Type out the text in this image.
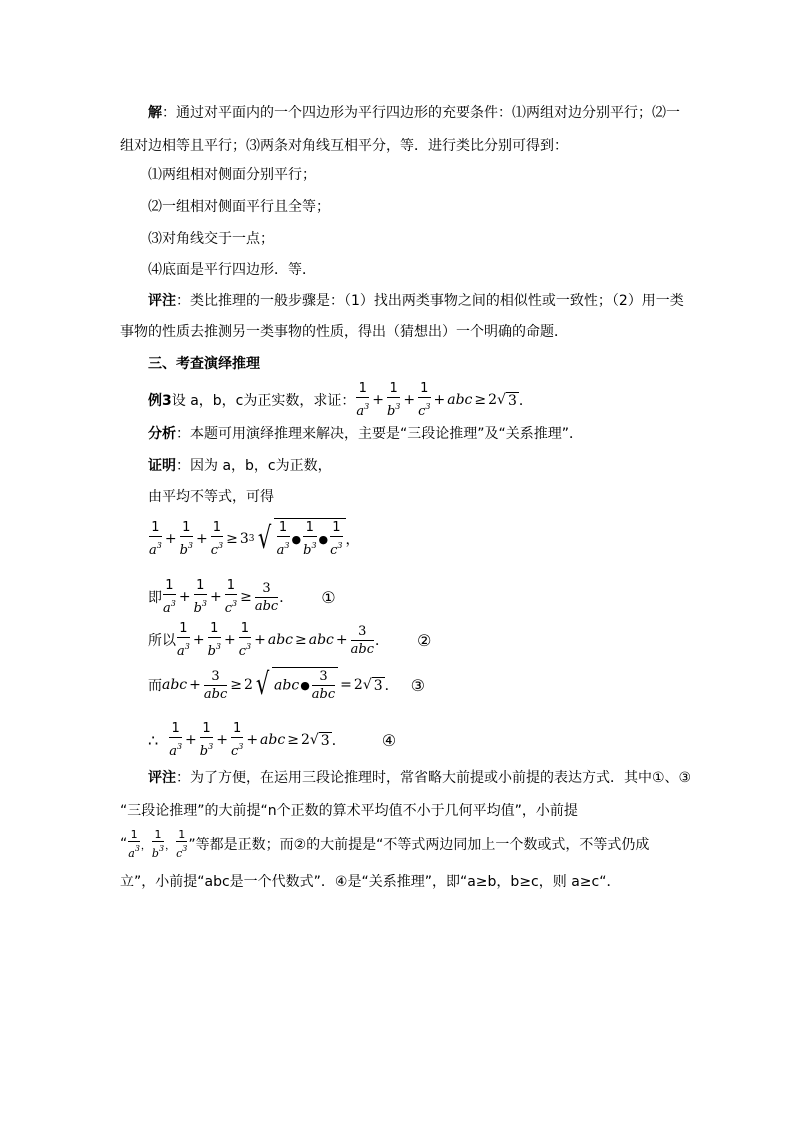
解：通过对平面内的一个四边形为平行四边形的充要条件：⑴两组对边分别平行；⑵一
组对边相等且平行；⑶两条对角线互相平分，等．进行类比分别可得到：
⑴两组相对侧面分别平行；
⑵一组相对侧面平行且全等；
⑶对角线交于一点；
⑷底面是平行四边形．等．
评注：类比推理的一般步骤是：（1）找出两类事物之间的相似性或一致性；（2）用一类
事物的性质去推测另一类事物的性质，得出（猜想出）一个明确的命题．
三、考查演绎推理
例3 设 a，b，c为正实数，求证： $\frac{1}{a^3} + \frac{1}{b^3} + \frac{1}{c^3}$ + abc ≥ 2 √ 3 ．
分析：本题可用演绎推理来解决，主要是“三段论推理”及“关系推理”．
证明：因为 a，b，c为正数，
由平均不等式，可得
$\frac{1}{a^3} + \frac{1}{b^3} + \frac{1}{c^3} \ge 3$ 3 √ $\frac{1}{a^3}$ ● $\frac{1}{b^3}$ ● $\frac{1}{c^3}$ ，
即 $\frac{1}{a^3} + \frac{1}{b^3} + \frac{1}{c^3} \ge \frac{3}{\text{abc}}$ ． ①
所以 $\frac{1}{a^3} + \frac{1}{b^3} + \frac{1}{c^3}$ + abc ≥ abc + $\frac{3}{\text{abc}}$ ． ②
而 abc + $\frac{3}{\text{abc}} \ge 2$ √ abc● $\frac{3}{\text{abc}} = 2$ √ 3 ． ③
∴ $\frac{1}{a^3} + \frac{1}{b^3} + \frac{1}{c^3}$ + abc ≥ 2 √ 3 ． ④
评注：为了方便，在运用三段论推理时，常省略大前提或小前提的表达方式．其中①、③
“三段论推理”的大前提“n个正数的算术平均值不小于几何平均值”，小前提
“ $\frac{1}{a^3}$ ， $\frac{1}{b^3}$ ， $\frac{1}{c^3}$ ”等都是正数；而②的大前提是“不等式两边同加上一个数或式，不等式仍成
立”，小前提“abc是一个代数式”．④是“关系推理”，即“a≥b，b≥c，则 a≥c“．
